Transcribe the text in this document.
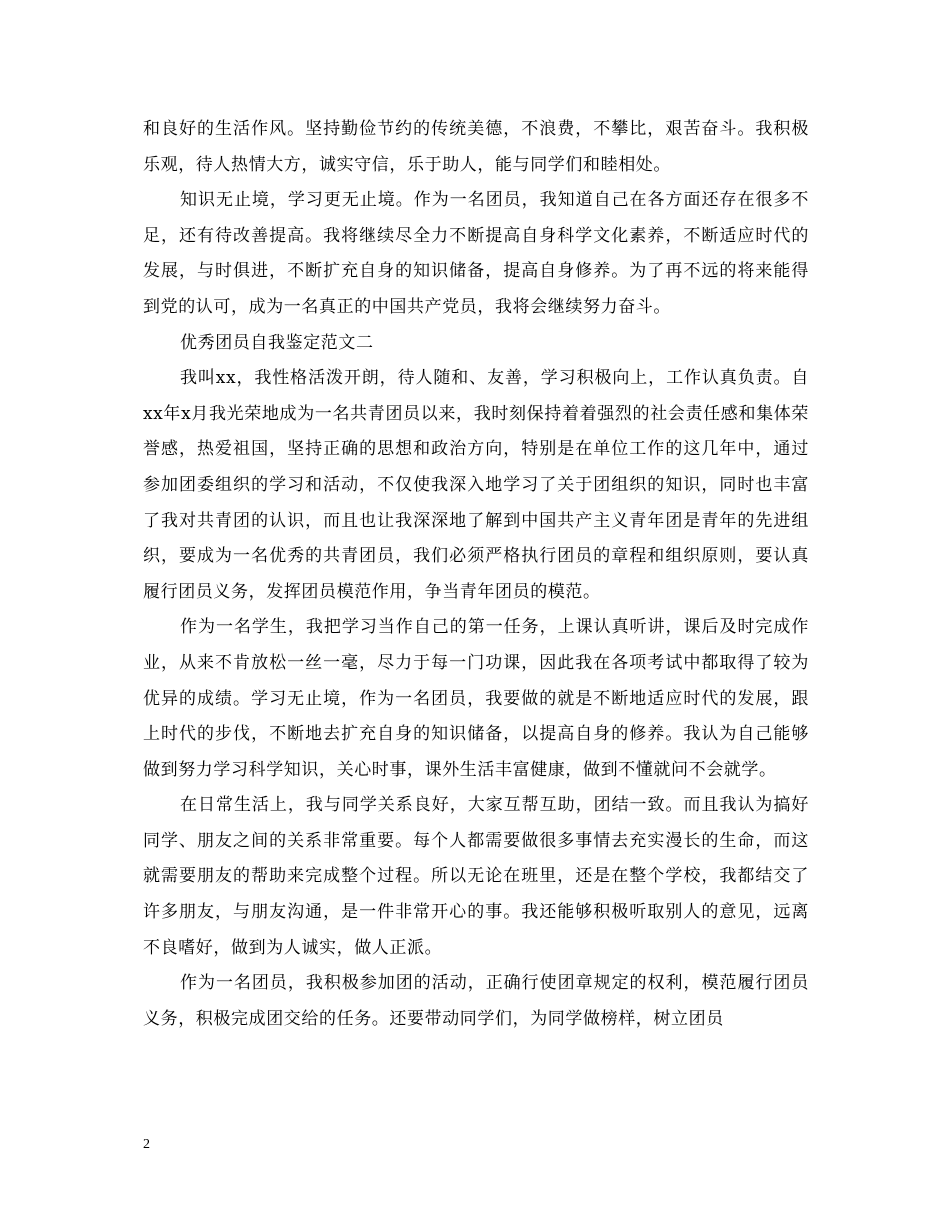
和良好的生活作风。坚持勤俭节约的传统美德，不浪费，不攀比，艰苦奋斗。我积极乐观，待人热情大方，诚实守信，乐于助人，能与同学们和睦相处。

知识无止境，学习更无止境。作为一名团员，我知道自己在各方面还存在很多不足，还有待改善提高。我将继续尽全力不断提高自身科学文化素养，不断适应时代的发展，与时俱进，不断扩充自身的知识储备，提高自身修养。为了再不远的将来能得到党的认可，成为一名真正的中国共产党员，我将会继续努力奋斗。

优秀团员自我鉴定范文二

我叫xx，我性格活泼开朗，待人随和、友善，学习积极向上，工作认真负责。自xx年x月我光荣地成为一名共青团员以来，我时刻保持着着强烈的社会责任感和集体荣誉感，热爱祖国，坚持正确的思想和政治方向，特别是在单位工作的这几年中，通过参加团委组织的学习和活动，不仅使我深入地学习了关于团组织的知识，同时也丰富了我对共青团的认识，而且也让我深深地了解到中国共产主义青年团是青年的先进组织，要成为一名优秀的共青团员，我们必须严格执行团员的章程和组织原则，要认真履行团员义务，发挥团员模范作用，争当青年团员的模范。

作为一名学生，我把学习当作自己的第一任务，上课认真听讲，课后及时完成作业，从来不肯放松一丝一毫，尽力于每一门功课，因此我在各项考试中都取得了较为优异的成绩。学习无止境，作为一名团员，我要做的就是不断地适应时代的发展，跟上时代的步伐，不断地去扩充自身的知识储备，以提高自身的修养。我认为自己能够做到努力学习科学知识，关心时事，课外生活丰富健康，做到不懂就问不会就学。

在日常生活上，我与同学关系良好，大家互帮互助，团结一致。而且我认为搞好同学、朋友之间的关系非常重要。每个人都需要做很多事情去充实漫长的生命，而这就需要朋友的帮助来完成整个过程。所以无论在班里，还是在整个学校，我都结交了许多朋友，与朋友沟通，是一件非常开心的事。我还能够积极听取别人的意见，远离不良嗜好，做到为人诚实，做人正派。

作为一名团员，我积极参加团的活动，正确行使团章规定的权利，模范履行团员义务，积极完成团交给的任务。还要带动同学们，为同学做榜样，树立团员

2
